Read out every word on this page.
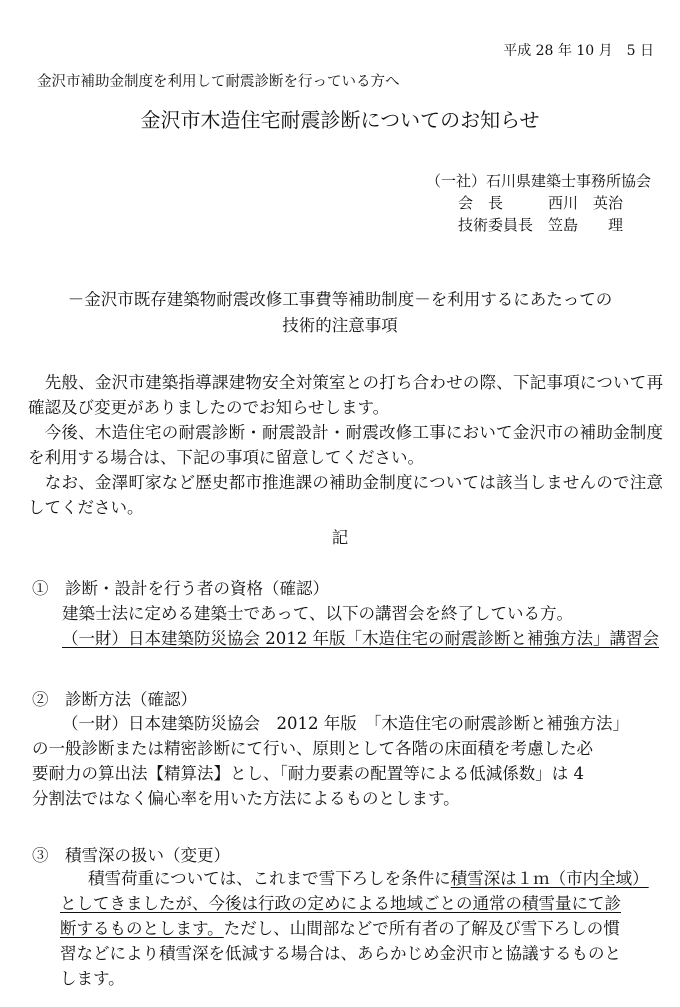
平成 28 年 10 月　5 日
金沢市補助金制度を利用して耐震診断を行っている方へ
金沢市木造住宅耐震診断についてのお知らせ
（一社）石川県建築士事務所協会
会　長　　　西川　英治
技術委員長　笠島　　理
－金沢市既存建築物耐震改修工事費等補助制度－を利用するにあたっての
技術的注意事項
　先般、金沢市建築指導課建物安全対策室との打ち合わせの際、下記事項について再確認及び変更がありましたのでお知らせします。
　今後、木造住宅の耐震診断・耐震設計・耐震改修工事において金沢市の補助金制度を利用する場合は、下記の事項に留意してください。
　なお、金澤町家など歴史都市推進課の補助金制度については該当しませんので注意してください。
記
①　診断・設計を行う者の資格（確認）
建築士法に定める建築士であって、以下の講習会を終了している方。
（一財）日本建築防災協会 2012 年版「木造住宅の耐震診断と補強方法」講習会
②　診断方法（確認）
（一財）日本建築防災協会　2012 年版　「木造住宅の耐震診断と補強方法」
の一般診断または精密診断にて行い、原則として各階の床面積を考慮した必
要耐力の算出法【精算法】とし、「耐力要素の配置等による低減係数」は 4
分割法ではなく偏心率を用いた方法によるものとします。
③　積雪深の扱い（変更）
積雪荷重については、これまで雪下ろしを条件に積雪深は１ｍ（市内全域）
としてきましたが、今後は行政の定めによる地域ごとの通常の積雪量にて診
断するものとします。ただし、山間部などで所有者の了解及び雪下ろしの慣
習などにより積雪深を低減する場合は、あらかじめ金沢市と協議するものと
します。
